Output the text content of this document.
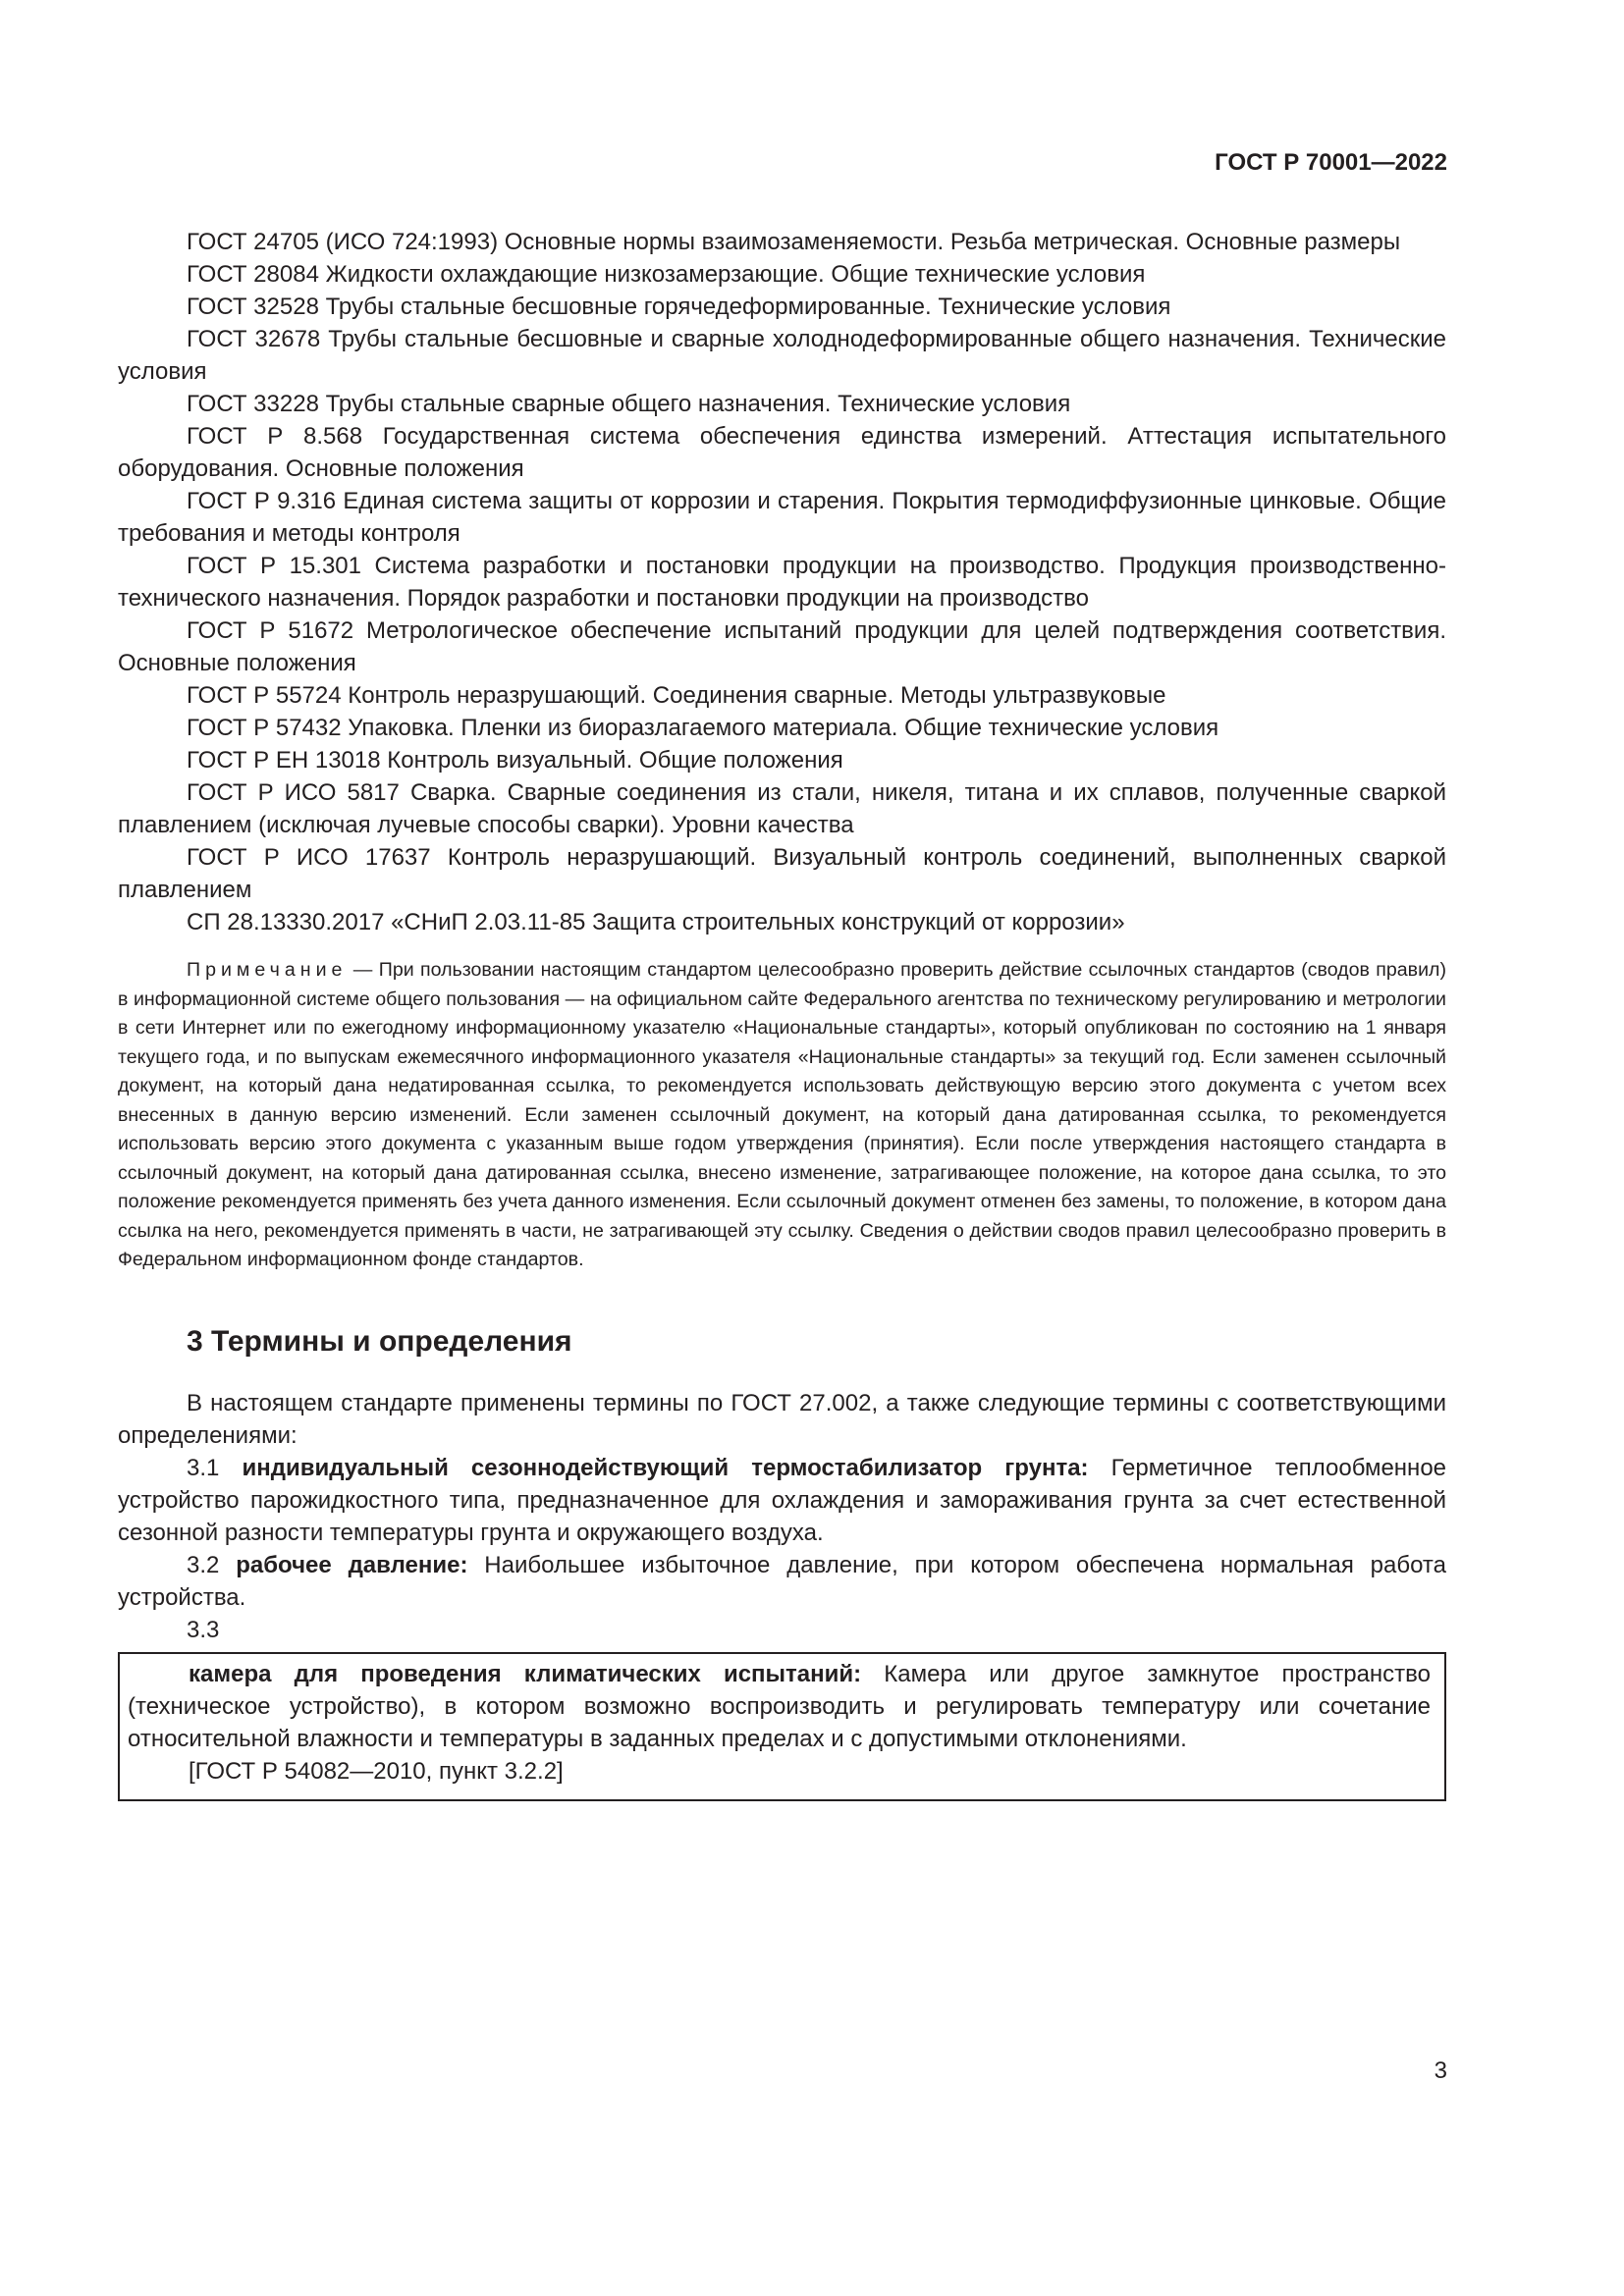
ГОСТ Р 70001—2022

ГОСТ 24705 (ИСО 724:1993) Основные нормы взаимозаменяемости. Резьба метрическая. Основные размеры

ГОСТ 28084 Жидкости охлаждающие низкозамерзающие. Общие технические условия

ГОСТ 32528 Трубы стальные бесшовные горячедеформированные. Технические условия

ГОСТ 32678 Трубы стальные бесшовные и сварные холоднодеформированные общего назначения. Технические условия

ГОСТ 33228 Трубы стальные сварные общего назначения. Технические условия

ГОСТ Р 8.568 Государственная система обеспечения единства измерений. Аттестация испытательного оборудования. Основные положения

ГОСТ Р 9.316 Единая система защиты от коррозии и старения. Покрытия термодиффузионные цинковые. Общие требования и методы контроля

ГОСТ Р 15.301 Система разработки и постановки продукции на производство. Продукция производственно-технического назначения. Порядок разработки и постановки продукции на производство

ГОСТ Р 51672 Метрологическое обеспечение испытаний продукции для целей подтверждения соответствия. Основные положения

ГОСТ Р 55724 Контроль неразрушающий. Соединения сварные. Методы ультразвуковые

ГОСТ Р 57432 Упаковка. Пленки из биоразлагаемого материала. Общие технические условия

ГОСТ Р ЕН 13018 Контроль визуальный. Общие положения

ГОСТ Р ИСО 5817 Сварка. Сварные соединения из стали, никеля, титана и их сплавов, полученные сваркой плавлением (исключая лучевые способы сварки). Уровни качества

ГОСТ Р ИСО 17637 Контроль неразрушающий. Визуальный контроль соединений, выполненных сваркой плавлением

СП 28.13330.2017 «СНиП 2.03.11-85 Защита строительных конструкций от коррозии»

Примечание — При пользовании настоящим стандартом целесообразно проверить действие ссылочных стандартов (сводов правил) в информационной системе общего пользования — на официальном сайте Федерального агентства по техническому регулированию и метрологии в сети Интернет или по ежегодному информационному указателю «Национальные стандарты», который опубликован по состоянию на 1 января текущего года, и по выпускам ежемесячного информационного указателя «Национальные стандарты» за текущий год. Если заменен ссылочный документ, на который дана недатированная ссылка, то рекомендуется использовать действующую версию этого документа с учетом всех внесенных в данную версию изменений. Если заменен ссылочный документ, на который дана датированная ссылка, то рекомендуется использовать версию этого документа с указанным выше годом утверждения (принятия). Если после утверждения настоящего стандарта в ссылочный документ, на который дана датированная ссылка, внесено изменение, затрагивающее положение, на которое дана ссылка, то это положение рекомендуется применять без учета данного изменения. Если ссылочный документ отменен без замены, то положение, в котором дана ссылка на него, рекомендуется применять в части, не затрагивающей эту ссылку. Сведения о действии сводов правил целесообразно проверить в Федеральном информационном фонде стандартов.

3 Термины и определения

В настоящем стандарте применены термины по ГОСТ 27.002, а также следующие термины с соответствующими определениями:

3.1 индивидуальный сезоннодействующий термостабилизатор грунта: Герметичное теплообменное устройство парожидкостного типа, предназначенное для охлаждения и замораживания грунта за счет естественной сезонной разности температуры грунта и окружающего воздуха.

3.2 рабочее давление: Наибольшее избыточное давление, при котором обеспечена нормальная работа устройства.

3.3

камера для проведения климатических испытаний: Камера или другое замкнутое пространство (техническое устройство), в котором возможно воспроизводить и регулировать температуру или сочетание относительной влажности и температуры в заданных пределах и с допустимыми отклонениями.

[ГОСТ Р 54082—2010, пункт 3.2.2]

3
